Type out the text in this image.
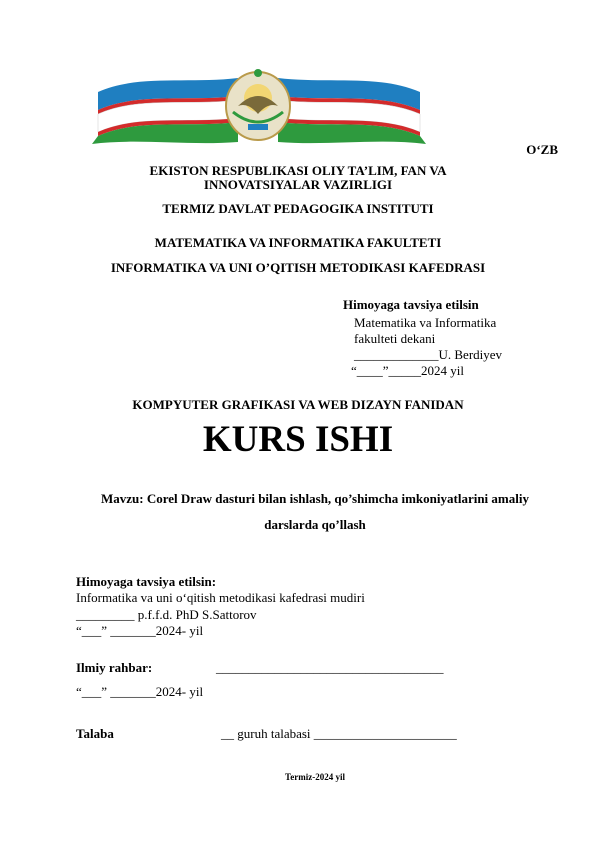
O‘ZB
EKISTON RESPUBLIKASI OLIY TA’LIM, FAN VA
INNOVATSIYALAR VAZIRLIGI
TERMIZ DAVLAT PEDAGOGIKA INSTITUTI
MATEMATIKA VA INFORMATIKA FAKULTETI
INFORMATIKA VA UNI O’QITISH METODIKASI KAFEDRASI
Himoyaga tavsiya etilsin
Matematika va Informatika
fakulteti dekani
_____________U. Berdiyev
“____”_____2024 yil
KOMPYUTER GRAFIKASI VA WEB DIZAYN FANIDAN
KURS ISHI
Mavzu: Corel Draw dasturi bilan ishlash, qo’shimcha imkoniyatlarini amaliy
darslarda qo’llash
Himoyaga tavsiya etilsin:
Informatika va uni o‘qitish metodikasi kafedrasi mudiri
_________ p.f.f.d. PhD S.Sattorov
“___” _______2024- yil
Ilmiy rahbar:	___________________________________
“___” _______2024- yil
Talaba	__ guruh talabasi ______________________
Termiz-2024 yil
